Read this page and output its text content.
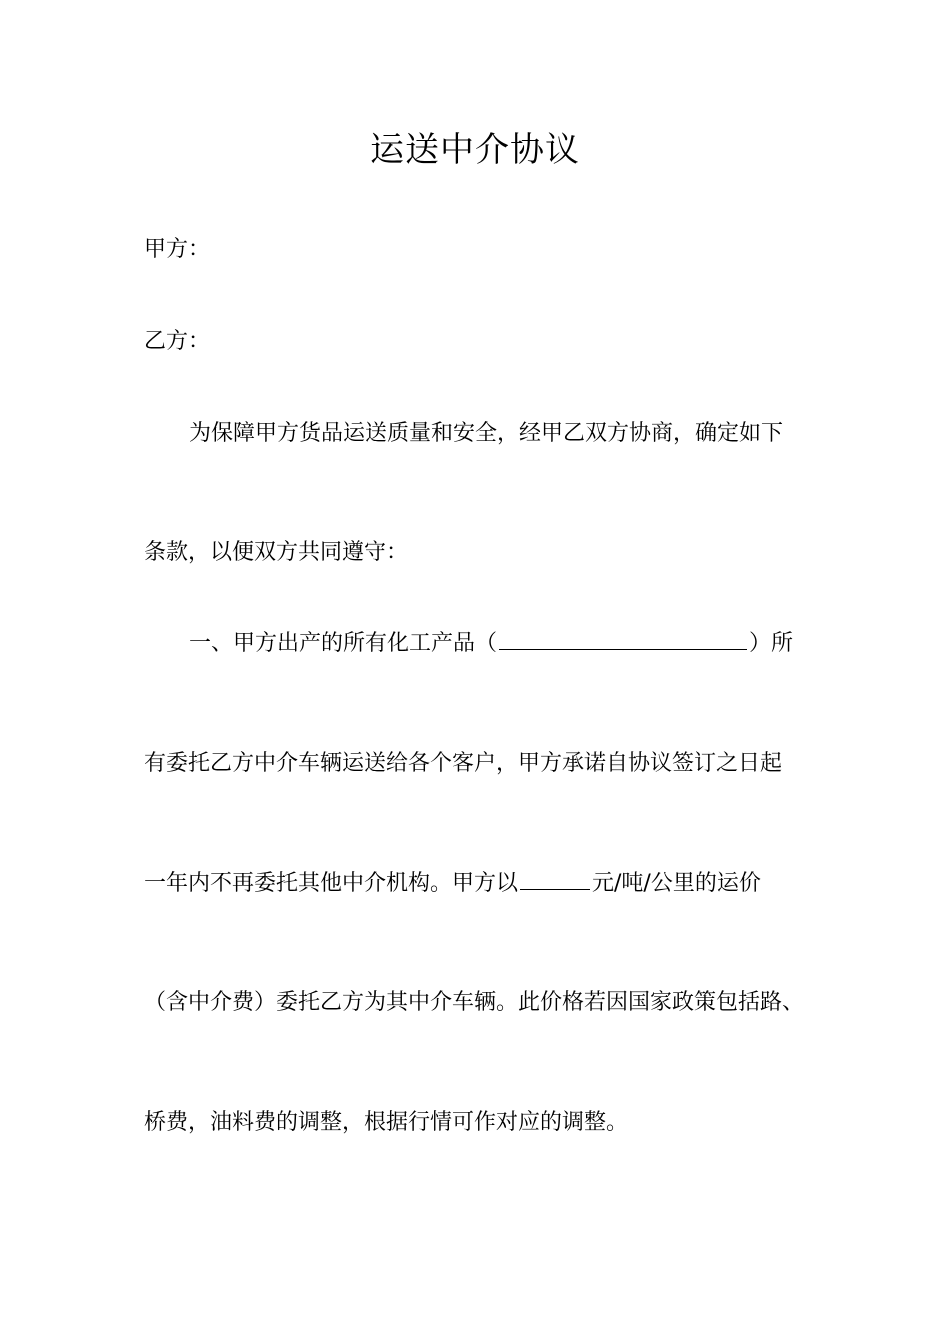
运送中介协议
甲方：
乙方：
为保障甲方货品运送质量和安全，经甲乙双方协商，确定如下
条款，以便双方共同遵守：
一、甲方出产的所有化工产品（	）所
有委托乙方中介车辆运送给各个客户，甲方承诺自协议签订之日起
一年内不再委托其他中介机构。甲方以	元/吨/公里的运价
（含中介费）委托乙方为其中介车辆。此价格若因国家政策包括路、
桥费，油料费的调整，根据行情可作对应的调整。
